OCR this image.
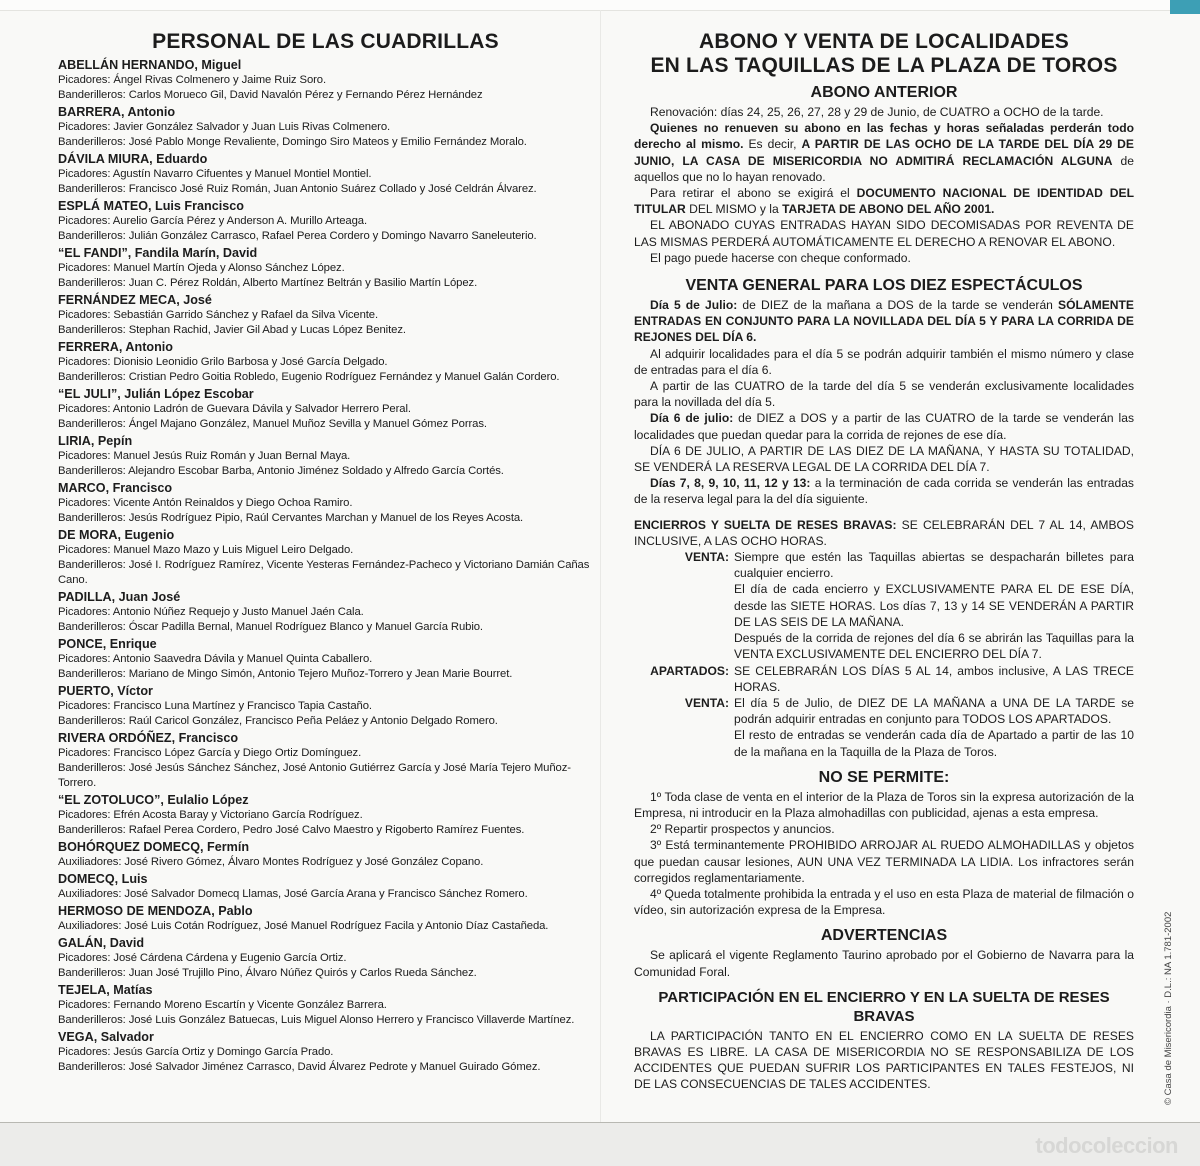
PERSONAL DE LAS CUADRILLAS
ABELLÁN HERNANDO, Miguel
Picadores: Ángel Rivas Colmenero y Jaime Ruiz Soro.
Banderilleros: Carlos Morueco Gil, David Navalón Pérez y Fernando Pérez Hernández
BARRERA, Antonio
Picadores: Javier González Salvador y Juan Luis Rivas Colmenero.
Banderilleros: José Pablo Monge Revaliente, Domingo Siro Mateos y Emilio Fernández Moralo.
DÁVILA MIURA, Eduardo
Picadores: Agustín Navarro Cifuentes y Manuel Montiel Montiel.
Banderilleros: Francisco José Ruiz Román, Juan Antonio Suárez Collado y José Celdrán Álvarez.
ESPLÁ MATEO, Luis Francisco
Picadores: Aurelio García Pérez y Anderson A. Murillo Arteaga.
Banderilleros: Julián González Carrasco, Rafael Perea Cordero y Domingo Navarro Saneleuterio.
“EL FANDI”, Fandila Marín, David
Picadores: Manuel Martín Ojeda y Alonso Sánchez López.
Banderilleros: Juan C. Pérez Roldán, Alberto Martínez Beltrán y Basilio Martín López.
FERNÁNDEZ MECA, José
Picadores: Sebastián Garrido Sánchez y Rafael da Silva Vicente.
Banderilleros: Stephan Rachid, Javier Gil Abad y Lucas López Benitez.
FERRERA, Antonio
Picadores: Dionisio Leonidio Grilo Barbosa y José García Delgado.
Banderilleros: Cristian Pedro Goitia Robledo, Eugenio Rodríguez Fernández y Manuel Galán Cordero.
“EL JULI”, Julián López Escobar
Picadores: Antonio Ladrón de Guevara Dávila y Salvador Herrero Peral.
Banderilleros: Ángel Majano González, Manuel Muñoz Sevilla y Manuel Gómez Porras.
LIRIA, Pepín
Picadores: Manuel Jesús Ruiz Román y Juan Bernal Maya.
Banderilleros: Alejandro Escobar Barba, Antonio Jiménez Soldado y Alfredo García Cortés.
MARCO, Francisco
Picadores: Vicente Antón Reinaldos y Diego Ochoa Ramiro.
Banderilleros: Jesús Rodríguez Pipio, Raúl Cervantes Marchan y Manuel de los Reyes Acosta.
DE MORA, Eugenio
Picadores: Manuel Mazo Mazo y Luis Miguel Leiro Delgado.
Banderilleros: José I. Rodríguez Ramírez, Vicente Yesteras Fernández-Pacheco y Victoriano Damián Cañas Cano.
PADILLA, Juan José
Picadores: Antonio Núñez Requejo y Justo Manuel Jaén Cala.
Banderilleros: Óscar Padilla Bernal, Manuel Rodríguez Blanco y Manuel García Rubio.
PONCE, Enrique
Picadores: Antonio Saavedra Dávila y Manuel Quinta Caballero.
Banderilleros: Mariano de Mingo Simón, Antonio Tejero Muñoz-Torrero y Jean Marie Bourret.
PUERTO, Víctor
Picadores: Francisco Luna Martínez y Francisco Tapia Castaño.
Banderilleros: Raúl Caricol González, Francisco Peña Peláez y Antonio Delgado Romero.
RIVERA ORDÓÑEZ, Francisco
Picadores: Francisco López García y Diego Ortiz Domínguez.
Banderilleros: José Jesús Sánchez Sánchez, José Antonio Gutiérrez García y José María Tejero Muñoz-Torrero.
“EL ZOTOLUCO”, Eulalio López
Picadores: Efrén Acosta Baray y Victoriano García Rodríguez.
Banderilleros: Rafael Perea Cordero, Pedro José Calvo Maestro y Rigoberto Ramírez Fuentes.
BOHÓRQUEZ DOMECQ, Fermín
Auxiliadores: José Rivero Gómez, Álvaro Montes Rodríguez y José González Copano.
DOMECQ, Luis
Auxiliadores: José Salvador Domecq Llamas, José García Arana y Francisco Sánchez Romero.
HERMOSO DE MENDOZA, Pablo
Auxiliadores: José Luis Cotán Rodríguez, José Manuel Rodríguez Facila y Antonio Díaz Castañeda.
GALÁN, David
Picadores: José Cárdena Cárdena y Eugenio García Ortiz.
Banderilleros: Juan José Trujillo Pino, Álvaro Núñez Quirós y Carlos Rueda Sánchez.
TEJELA, Matías
Picadores: Fernando Moreno Escartín y Vicente González Barrera.
Banderilleros: José Luis González Batuecas, Luis Miguel Alonso Herrero y Francisco Villaverde Martínez.
VEGA, Salvador
Picadores: Jesús García Ortiz y Domingo García Prado.
Banderilleros: José Salvador Jiménez Carrasco, David Álvarez Pedrote y Manuel Guirado Gómez.
ABONO Y VENTA DE LOCALIDADES
EN LAS TAQUILLAS DE LA PLAZA DE TOROS
ABONO ANTERIOR

Renovación: días 24, 25, 26, 27, 28 y 29 de Junio, de CUATRO a OCHO de la tarde.

Quienes no renueven su abono en las fechas y horas señaladas perderán todo derecho al mismo. Es decir, A PARTIR DE LAS OCHO DE LA TARDE DEL DÍA 29 DE JUNIO, LA CASA DE MISERICORDIA NO ADMITIRÁ RECLAMACIÓN ALGUNA de aquellos que no lo hayan renovado.

Para retirar el abono se exigirá el DOCUMENTO NACIONAL DE IDENTIDAD DEL TITULAR DEL MISMO y la TARJETA DE ABONO DEL AÑO 2001.

EL ABONADO CUYAS ENTRADAS HAYAN SIDO DECOMISADAS POR REVENTA DE LAS MISMAS PERDERÁ AUTOMÁTICAMENTE EL DERECHO A RENOVAR EL ABONO.

El pago puede hacerse con cheque conformado.

VENTA GENERAL PARA LOS DIEZ ESPECTÁCULOS

Día 5 de Julio: de DIEZ de la mañana a DOS de la tarde se venderán SÓLAMENTE ENTRADAS EN CONJUNTO PARA LA NOVILLADA DEL DÍA 5 Y PARA LA CORRIDA DE REJONES DEL DÍA 6.

Al adquirir localidades para el día 5 se podrán adquirir también el mismo número y clase de entradas para el día 6.

A partir de las CUATRO de la tarde del día 5 se venderán exclusivamente localidades para la novillada del día 5.

Día 6 de julio: de DIEZ a DOS y a partir de las CUATRO de la tarde se venderán las localidades que puedan quedar para la corrida de rejones de ese día.

DÍA 6 DE JULIO, A PARTIR DE LAS DIEZ DE LA MAÑANA, Y HASTA SU TOTALIDAD, SE VENDERÁ LA RESERVA LEGAL DE LA CORRIDA DEL DÍA 7.

Días 7, 8, 9, 10, 11, 12 y 13: a la terminación de cada corrida se venderán las entradas de la reserva legal para la del día siguiente.

ENCIERROS Y SUELTA DE RESES BRAVAS: SE CELEBRARÁN DEL 7 AL 14, AMBOS INCLUSIVE, A LAS OCHO HORAS.

VENTA: Siempre que estén las Taquillas abiertas se despacharán billetes para cualquier encierro.

El día de cada encierro y EXCLUSIVAMENTE PARA EL DE ESE DÍA, desde las SIETE HORAS. Los días 7, 13 y 14 SE VENDERÁN A PARTIR DE LAS SEIS DE LA MAÑANA.

Después de la corrida de rejones del día 6 se abrirán las Taquillas para la VENTA EXCLUSIVAMENTE DEL ENCIERRO DEL DÍA 7.

APARTADOS: SE CELEBRARÁN LOS DÍAS 5 AL 14, ambos inclusive, A LAS TRECE HORAS.

VENTA: El día 5 de Julio, de DIEZ DE LA MAÑANA a UNA DE LA TARDE se podrán adquirir entradas en conjunto para TODOS LOS APARTADOS.

El resto de entradas se venderán cada día de Apartado a partir de las 10 de la mañana en la Taquilla de la Plaza de Toros.

NO SE PERMITE:

1º Toda clase de venta en el interior de la Plaza de Toros sin la expresa autorización de la Empresa, ni introducir en la Plaza almohadillas con publicidad, ajenas a esta empresa.

2º Repartir prospectos y anuncios.

3º Está terminantemente PROHIBIDO ARROJAR AL RUEDO ALMOHADILLAS y objetos que puedan causar lesiones, AUN UNA VEZ TERMINADA LA LIDIA. Los infractores serán corregidos reglamentariamente.

4º Queda totalmente prohibida la entrada y el uso en esta Plaza de material de filmación o vídeo, sin autorización expresa de la Empresa.

ADVERTENCIAS

Se aplicará el vigente Reglamento Taurino aprobado por el Gobierno de Navarra para la Comunidad Foral.

PARTICIPACIÓN EN EL ENCIERRO Y EN LA SUELTA DE RESES BRAVAS

LA PARTICIPACIÓN TANTO EN EL ENCIERRO COMO EN LA SUELTA DE RESES BRAVAS ES LIBRE. LA CASA DE MISERICORDIA NO SE RESPONSABILIZA DE LOS ACCIDENTES QUE PUEDAN SUFRIR LOS PARTICIPANTES EN TALES FESTEJOS, NI DE LAS CONSECUENCIAS DE TALES ACCIDENTES.	© Casa de Misericordia · D.L.: NA 1.781-2002
todocoleccion
